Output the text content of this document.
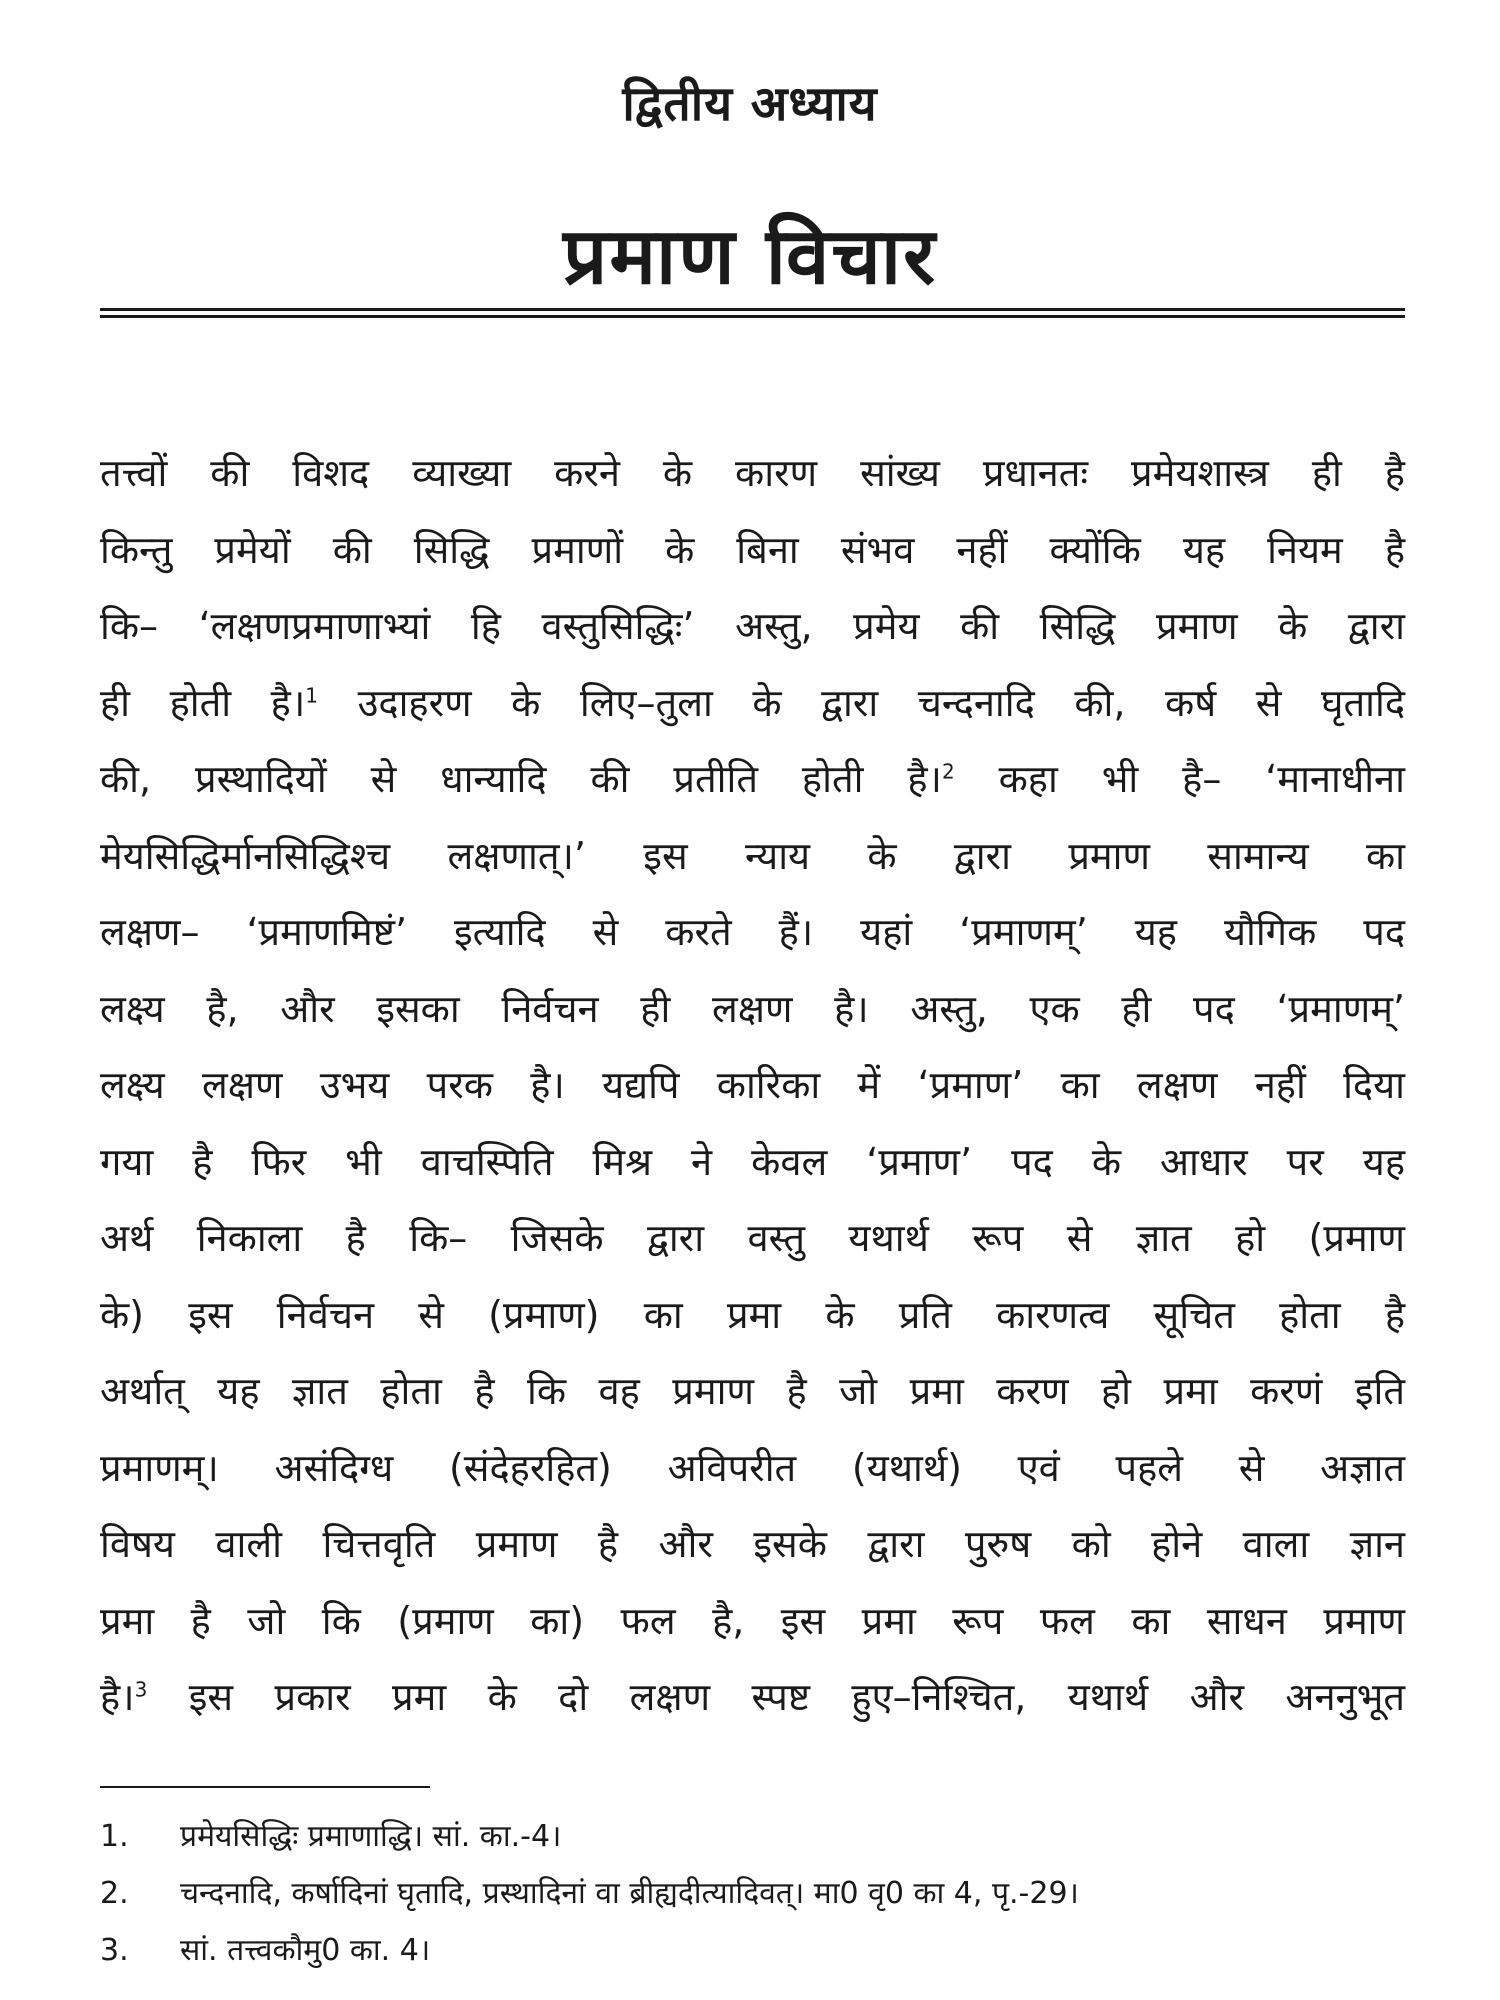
द्वितीय अध्याय
प्रमाण विचार
तत्त्वों की विशद व्याख्या करने के कारण सांख्य प्रधानतः प्रमेयशास्त्र ही है
किन्तु प्रमेयों की सिद्धि प्रमाणों के बिना संभव नहीं क्योंकि यह नियम है
कि– ‘लक्षणप्रमाणाभ्यां हि वस्तुसिद्धिः’ अस्तु, प्रमेय की सिद्धि प्रमाण के द्वारा
ही होती है।$^1$ उदाहरण के लिए–तुला के द्वारा चन्दनादि की, कर्ष से घृतादि
की, प्रस्थादियों से धान्यादि की प्रतीति होती है।$^2$ कहा भी है– ‘मानाधीना
मेयसिद्धिर्मानसिद्धिश्च लक्षणात्।’ इस न्याय के द्वारा प्रमाण सामान्य का
लक्षण– ‘प्रमाणमिष्टं’ इत्यादि से करते हैं। यहां ‘प्रमाणम्’ यह यौगिक पद
लक्ष्य है, और इसका निर्वचन ही लक्षण है। अस्तु, एक ही पद ‘प्रमाणम्’
लक्ष्य लक्षण उभय परक है। यद्यपि कारिका में ‘प्रमाण’ का लक्षण नहीं दिया
गया है फिर भी वाचस्पिति मिश्र ने केवल ‘प्रमाण’ पद के आधार पर यह
अर्थ निकाला है कि– जिसके द्वारा वस्तु यथार्थ रूप से ज्ञात हो (प्रमाण
के) इस निर्वचन से (प्रमाण) का प्रमा के प्रति कारणत्व सूचित होता है
अर्थात् यह ज्ञात होता है कि वह प्रमाण है जो प्रमा करण हो प्रमा करणं इति
प्रमाणम्। असंदिग्ध (संदेहरहित) अविपरीत (यथार्थ) एवं पहले से अज्ञात
विषय वाली चित्तवृति प्रमाण है और इसके द्वारा पुरुष को होने वाला ज्ञान
प्रमा है जो कि (प्रमाण का) फल है, इस प्रमा रूप फल का साधन प्रमाण
है।$^3$ इस प्रकार प्रमा के दो लक्षण स्पष्ट हुए–निश्चित, यथार्थ और अननुभूत
1.	प्रमेयसिद्धिः प्रमाणाद्धि। सां. का.-4।
2.	चन्दनादि, कर्षादिनां घृतादि, प्रस्थादिनां वा ब्रीह्यदीत्यादिवत्। मा0 वृ0 का 4, पृ.-29।
3.	सां. तत्त्वकौमु0 का. 4।
